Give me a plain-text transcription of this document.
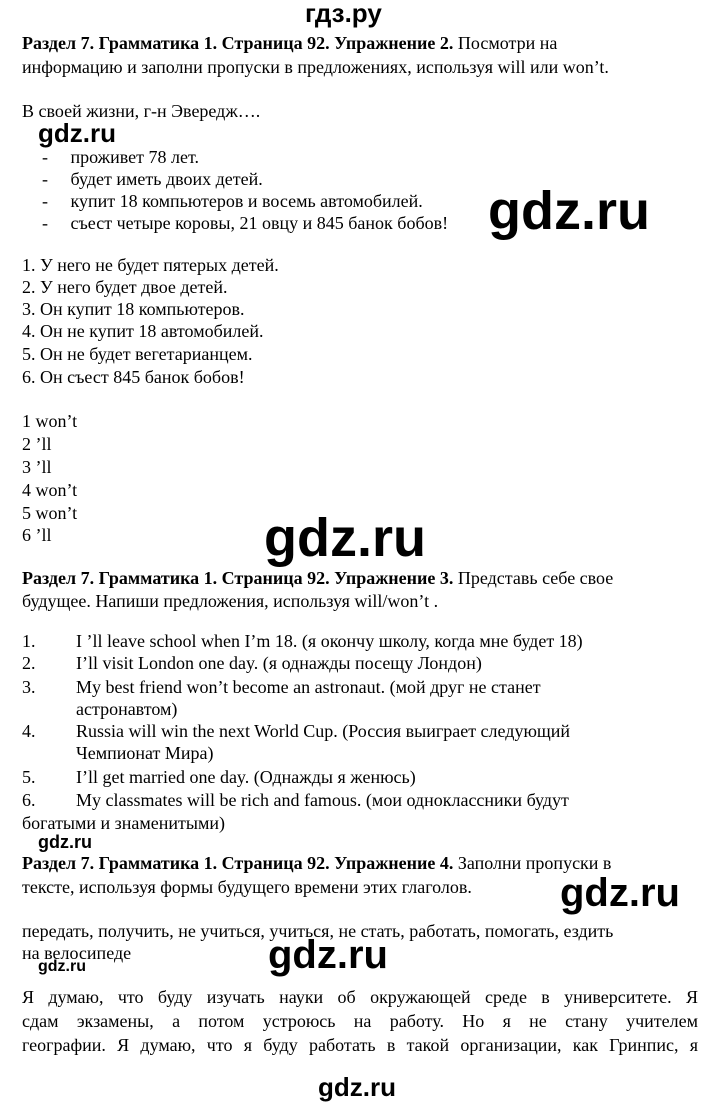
гдз.ру
Раздел 7. Грамматика 1. Страница 92. Упражнение 2. Посмотри на
информацию и заполни пропуски в предложениях, используя will или won’t.
В своей жизни, г-н Эвередж….
gdz.ru
-     проживет 78 лет.
-     будет иметь двоих детей.
-     купит 18 компьютеров и восемь автомобилей.
-     съест четыре коровы, 21 овцу и 845 банок бобов! gdz.ru
1. У него не будет пятерых детей.
2. У него будет двое детей.
3. Он купит 18 компьютеров.
4. Он не купит 18 автомобилей.
5. Он не будет вегетарианцем.
6. Он съест 845 банок бобов!
1 won’t
2 ’ll
3 ’ll
4 won’t
5 won’t
6 ’ll	gdz.ru
Раздел 7. Грамматика 1. Страница 92. Упражнение 3. Представь себе свое
будущее. Напиши предложения, используя will/won’t .
1. I ’ll leave school when I’m 18. (я окончу школу, когда мне будет 18)
2. I’ll visit London one day. (я однажды посещу Лондон)
3. My best friend won’t become an astronaut. (мой друг не станет
астронавтом)
4. Russia will win the next World Cup. (Россия выиграет следующий
Чемпионат Мира)
5. I’ll get married one day. (Однажды я женюсь)
6. My classmates will be rich and famous. (мои одноклассники будут
богатыми и знаменитыми)
gdz.ru
Раздел 7. Грамматика 1. Страница 92. Упражнение 4. Заполни пропуски в
тексте, используя формы будущего времени этих глаголов. gdz.ru
передать, получить, не учиться, учиться, не стать, работать, помогать, ездить
на велосипеде	gdz.ru
gdz.ru
Я думаю, что буду изучать науки об окружающей среде в университете. Я
сдам экзамены, а потом устроюсь на работу. Но я не стану учителем
географии. Я думаю, что я буду работать в такой организации, как Гринпис, я
gdz.ru
